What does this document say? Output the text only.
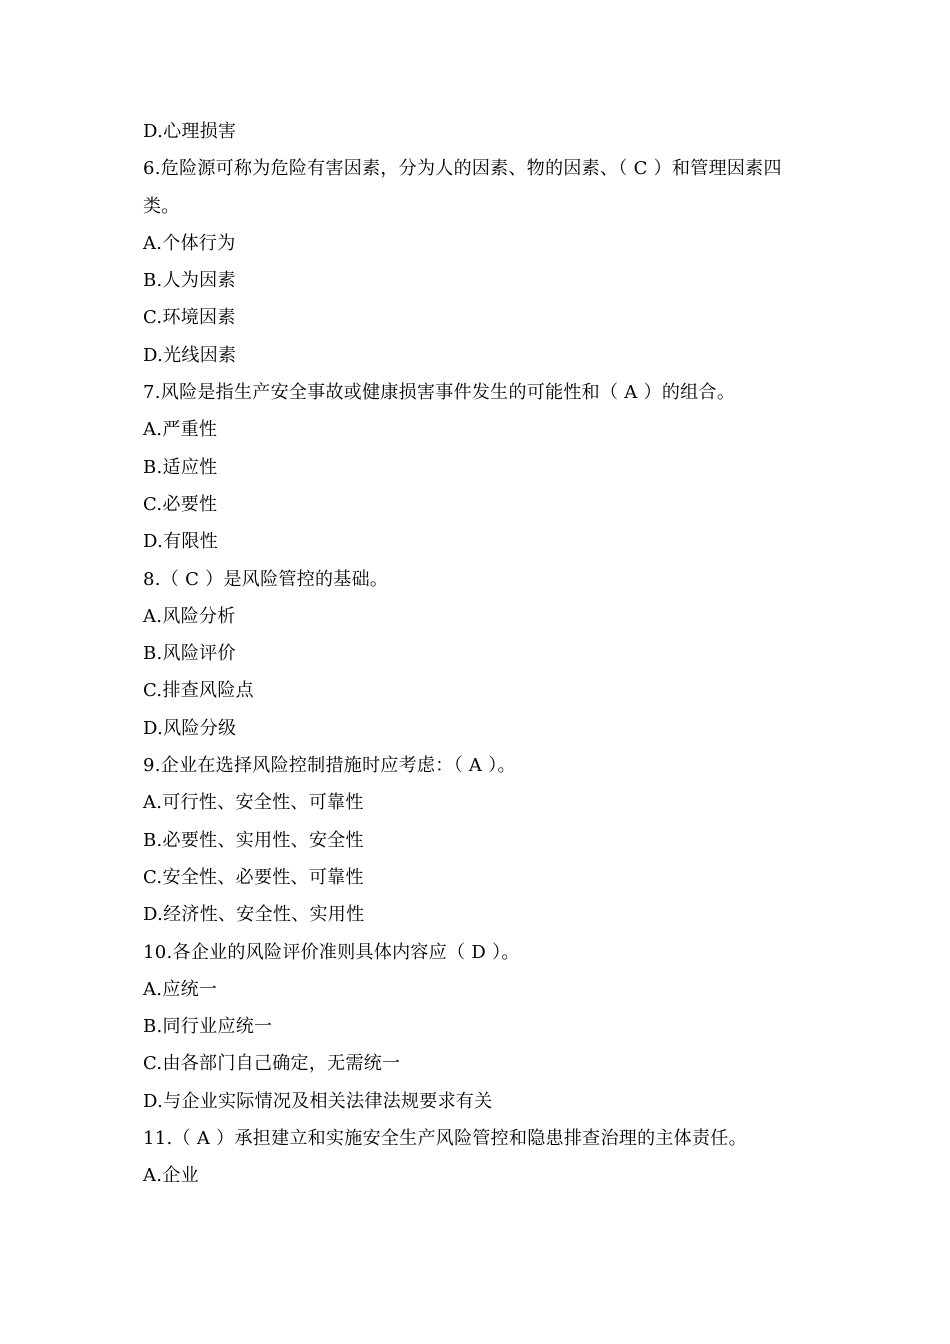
D.心理损害
6.危险源可称为危险有害因素，分为人的因素、物的因素、（ C ）和管理因素四类。
A.个体行为
B.人为因素
C.环境因素
D.光线因素
7.风险是指生产安全事故或健康损害事件发生的可能性和（ A ）的组合。
A.严重性
B.适应性
C.必要性
D.有限性
8.（ C ）是风险管控的基础。
A.风险分析
B.风险评价
C.排查风险点
D.风险分级
9.企业在选择风险控制措施时应考虑：（ A ）。
A.可行性、安全性、可靠性
B.必要性、实用性、安全性
C.安全性、必要性、可靠性
D.经济性、安全性、实用性
10.各企业的风险评价准则具体内容应（ D ）。
A.应统一
B.同行业应统一
C.由各部门自己确定，无需统一
D.与企业实际情况及相关法律法规要求有关
11.（ A ）承担建立和实施安全生产风险管控和隐患排查治理的主体责任。
A.企业
